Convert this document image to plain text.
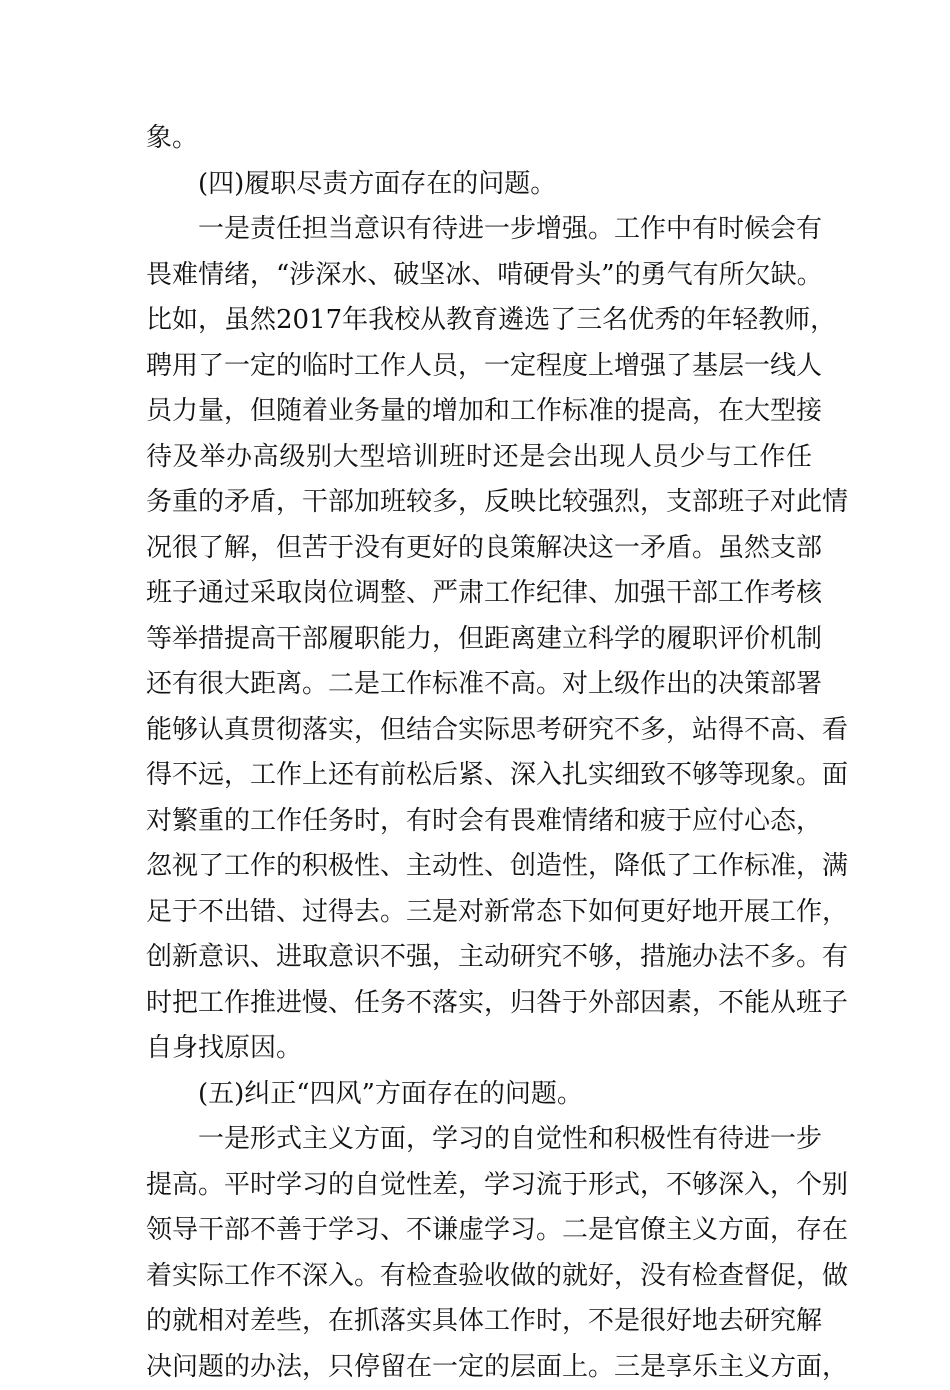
象。
(四)履职尽责方面存在的问题。
一是责任担当意识有待进一步增强。工作中有时候会有
畏难情绪，“涉深水、破坚冰、啃硬骨头”的勇气有所欠缺。
比如，虽然2017年我校从教育遴选了三名优秀的年轻教师，
聘用了一定的临时工作人员，一定程度上增强了基层一线人
员力量，但随着业务量的增加和工作标准的提高，在大型接
待及举办高级别大型培训班时还是会出现人员少与工作任
务重的矛盾，干部加班较多，反映比较强烈，支部班子对此情
况很了解，但苦于没有更好的良策解决这一矛盾。虽然支部
班子通过采取岗位调整、严肃工作纪律、加强干部工作考核
等举措提高干部履职能力，但距离建立科学的履职评价机制
还有很大距离。二是工作标准不高。对上级作出的决策部署
能够认真贯彻落实，但结合实际思考研究不多，站得不高、看
得不远，工作上还有前松后紧、深入扎实细致不够等现象。面
对繁重的工作任务时，有时会有畏难情绪和疲于应付心态，
忽视了工作的积极性、主动性、创造性，降低了工作标准，满
足于不出错、过得去。三是对新常态下如何更好地开展工作，
创新意识、进取意识不强，主动研究不够，措施办法不多。有
时把工作推进慢、任务不落实，归咎于外部因素，不能从班子
自身找原因。
(五)纠正“四风”方面存在的问题。
一是形式主义方面，学习的自觉性和积极性有待进一步
提高。平时学习的自觉性差，学习流于形式，不够深入，个别
领导干部不善于学习、不谦虚学习。二是官僚主义方面，存在
着实际工作不深入。有检查验收做的就好，没有检查督促，做
的就相对差些，在抓落实具体工作时，不是很好地去研究解
决问题的办法，只停留在一定的层面上。三是享乐主义方面，
